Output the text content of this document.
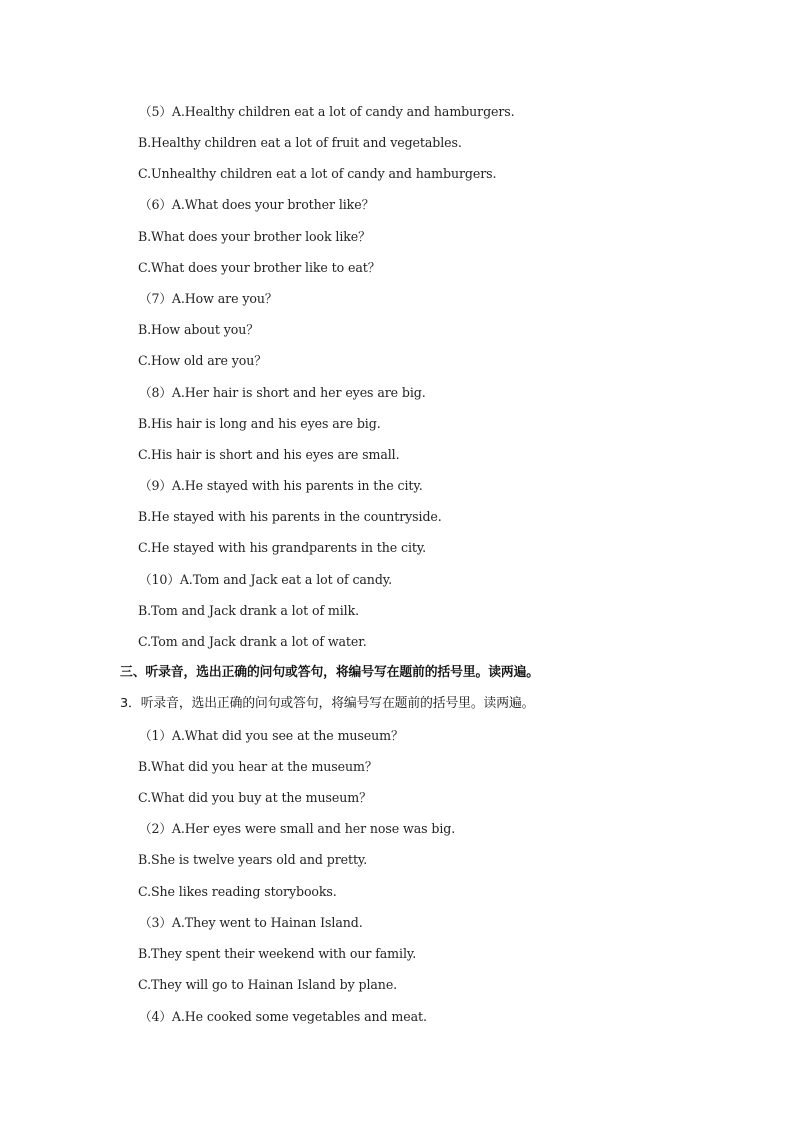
（5）A.Healthy children eat a lot of candy and hamburgers.
B.Healthy children eat a lot of fruit and vegetables.
C.Unhealthy children eat a lot of candy and hamburgers.
（6）A.What does your brother like？
B.What does your brother look like？
C.What does your brother like to eat？
（7）A.How are you？
B.How about you？
C.How old are you？
（8）A.Her hair is short and her eyes are big.
B.His hair is long and his eyes are big.
C.His hair is short and his eyes are small.
（9）A.He stayed with his parents in the city.
B.He stayed with his parents in the countryside.
C.He stayed with his grandparents in the city.
（10）A.Tom and Jack eat a lot of candy.
B.Tom and Jack drank a lot of milk.
C.Tom and Jack drank a lot of water.
三、听录音，选出正确的问句或答句，将编号写在题前的括号里。读两遍。
3．听录音，选出正确的问句或答句，将编号写在题前的括号里。读两遍。
（1）A.What did you see at the museum？
B.What did you hear at the museum？
C.What did you buy at the museum？
（2）A.Her eyes were small and her nose was big.
B.She is twelve years old and pretty.
C.She likes reading storybooks.
（3）A.They went to Hainan Island.
B.They spent their weekend with our family.
C.They will go to Hainan Island by plane.
（4）A.He cooked some vegetables and meat.
